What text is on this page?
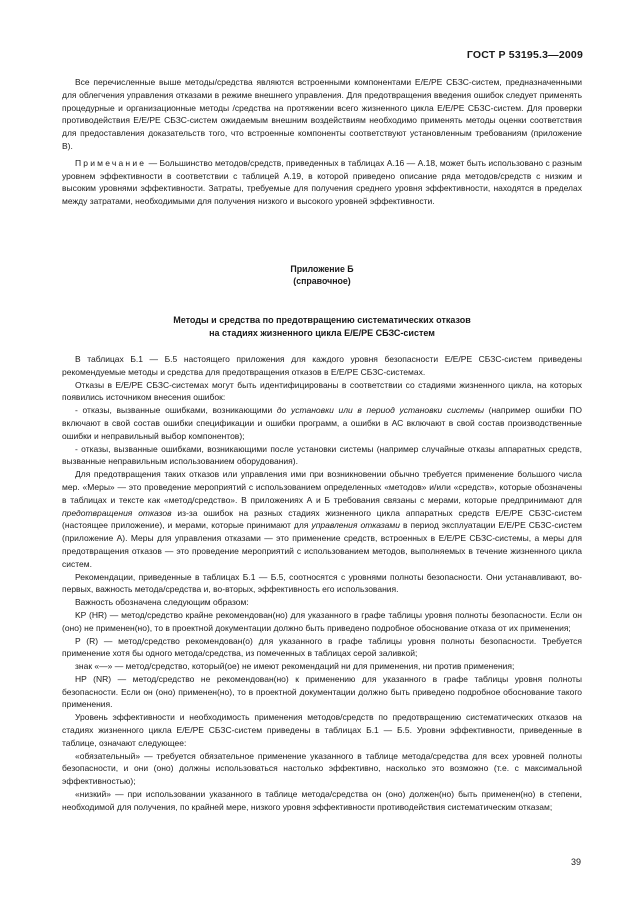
ГОСТ Р 53195.3—2009

Все перечисленные выше методы/средства являются встроенными компонентами E/E/PE СБЗС-систем, предназначенными для облегчения управления отказами в режиме внешнего управления. Для предотвращения введения ошибок следует применять процедурные и организационные методы /средства на протяжении всего жизненного цикла E/E/PE СБЗС-систем. Для проверки противодействия E/E/PE СБЗС-систем ожидаемым внешним воздействиям необходимо применять методы оценки соответствия для предоставления доказательств того, что встроенные компоненты соответствуют установленным требованиям (приложение В).

Примечание — Большинство методов/средств, приведенных в таблицах А.16 — А.18, может быть использовано с разным уровнем эффективности в соответствии с таблицей А.19, в которой приведено описание ряда методов/средств с низким и высоким уровнями эффективности. Затраты, требуемые для получения среднего уровня эффективности, находятся в пределах между затратами, необходимыми для получения низкого и высокого уровней эффективности.

Приложение Б
(справочное)
Методы и средства по предотвращению систематических отказов
на стадиях жизненного цикла E/E/PE СБЗС-систем

В таблицах Б.1 — Б.5 настоящего приложения для каждого уровня безопасности E/E/PE СБЗС-систем приведены рекомендуемые методы и средства для предотвращения отказов в E/E/PE СБЗС-системах.

Отказы в E/E/PE СБЗС-системах могут быть идентифицированы в соответствии со стадиями жизненного цикла, на которых появились источником внесения ошибок:

- отказы, вызванные ошибками, возникающими до установки или в период установки системы (например ошибки ПО включают в свой состав ошибки спецификации и ошибки программ, а ошибки в АС включают в свой состав производственные ошибки и неправильный выбор компонентов);

- отказы, вызванные ошибками, возникающими после установки системы (например случайные отказы аппаратных средств, вызванные неправильным использованием оборудования).

Для предотвращения таких отказов или управления ими при возникновении обычно требуется применение большого числа мер. «Меры» — это проведение мероприятий с использованием определенных «методов» и/или «средств», которые обозначены в таблицах и тексте как «метод/средство». В приложениях А и Б требования связаны с мерами, которые предпринимают для предотвращения отказов из-за ошибок на разных стадиях жизненного цикла аппаратных средств E/E/PE СБЗС-систем (настоящее приложение), и мерами, которые принимают для управления отказами в период эксплуатации E/E/PE СБЗС-систем (приложение А). Меры для управления отказами — это применение средств, встроенных в E/E/PE СБЗС-системы, а меры для предотвращения отказов — это проведение мероприятий с использованием методов, выполняемых в течение жизненного цикла систем.

Рекомендации, приведенные в таблицах Б.1 — Б.5, соотносятся с уровнями полноты безопасности. Они устанавливают, во-первых, важность метода/средства и, во-вторых, эффективность его использования.

Важность обозначена следующим образом:

KP (HR) — метод/средство крайне рекомендован(но) для указанного в графе таблицы уровня полноты безопасности. Если он (оно) не применен(но), то в проектной документации должно быть приведено подробное обоснование отказа от их применения;

P (R) — метод/средство рекомендован(о) для указанного в графе таблицы уровня полноты безопасности. Требуется применение хотя бы одного метода/средства, из помеченных в таблицах серой заливкой;

знак «—» — метод/средство, который(ое) не имеют рекомендаций ни для применения, ни против применения;

HP (NR) — метод/средство не рекомендован(но) к применению для указанного в графе таблицы уровня полноты безопасности. Если он (оно) применен(но), то в проектной документации должно быть приведено подробное обоснование такого применения.

Уровень эффективности и необходимость применения методов/средств по предотвращению систематических отказов на стадиях жизненного цикла E/E/PE СБЗС-систем приведены в таблицах Б.1 — Б.5. Уровни эффективности, приведенные в таблице, означают следующее:

«обязательный» — требуется обязательное применение указанного в таблице метода/средства для всех уровней полноты безопасности, и они (оно) должны использоваться настолько эффективно, насколько это возможно (т.е. с максимальной эффективностью);

«низкий» — при использовании указанного в таблице метода/средства он (оно) должен(но) быть применен(но) в степени, необходимой для получения, по крайней мере, низкого уровня эффективности противодействия систематическим отказам;

39
